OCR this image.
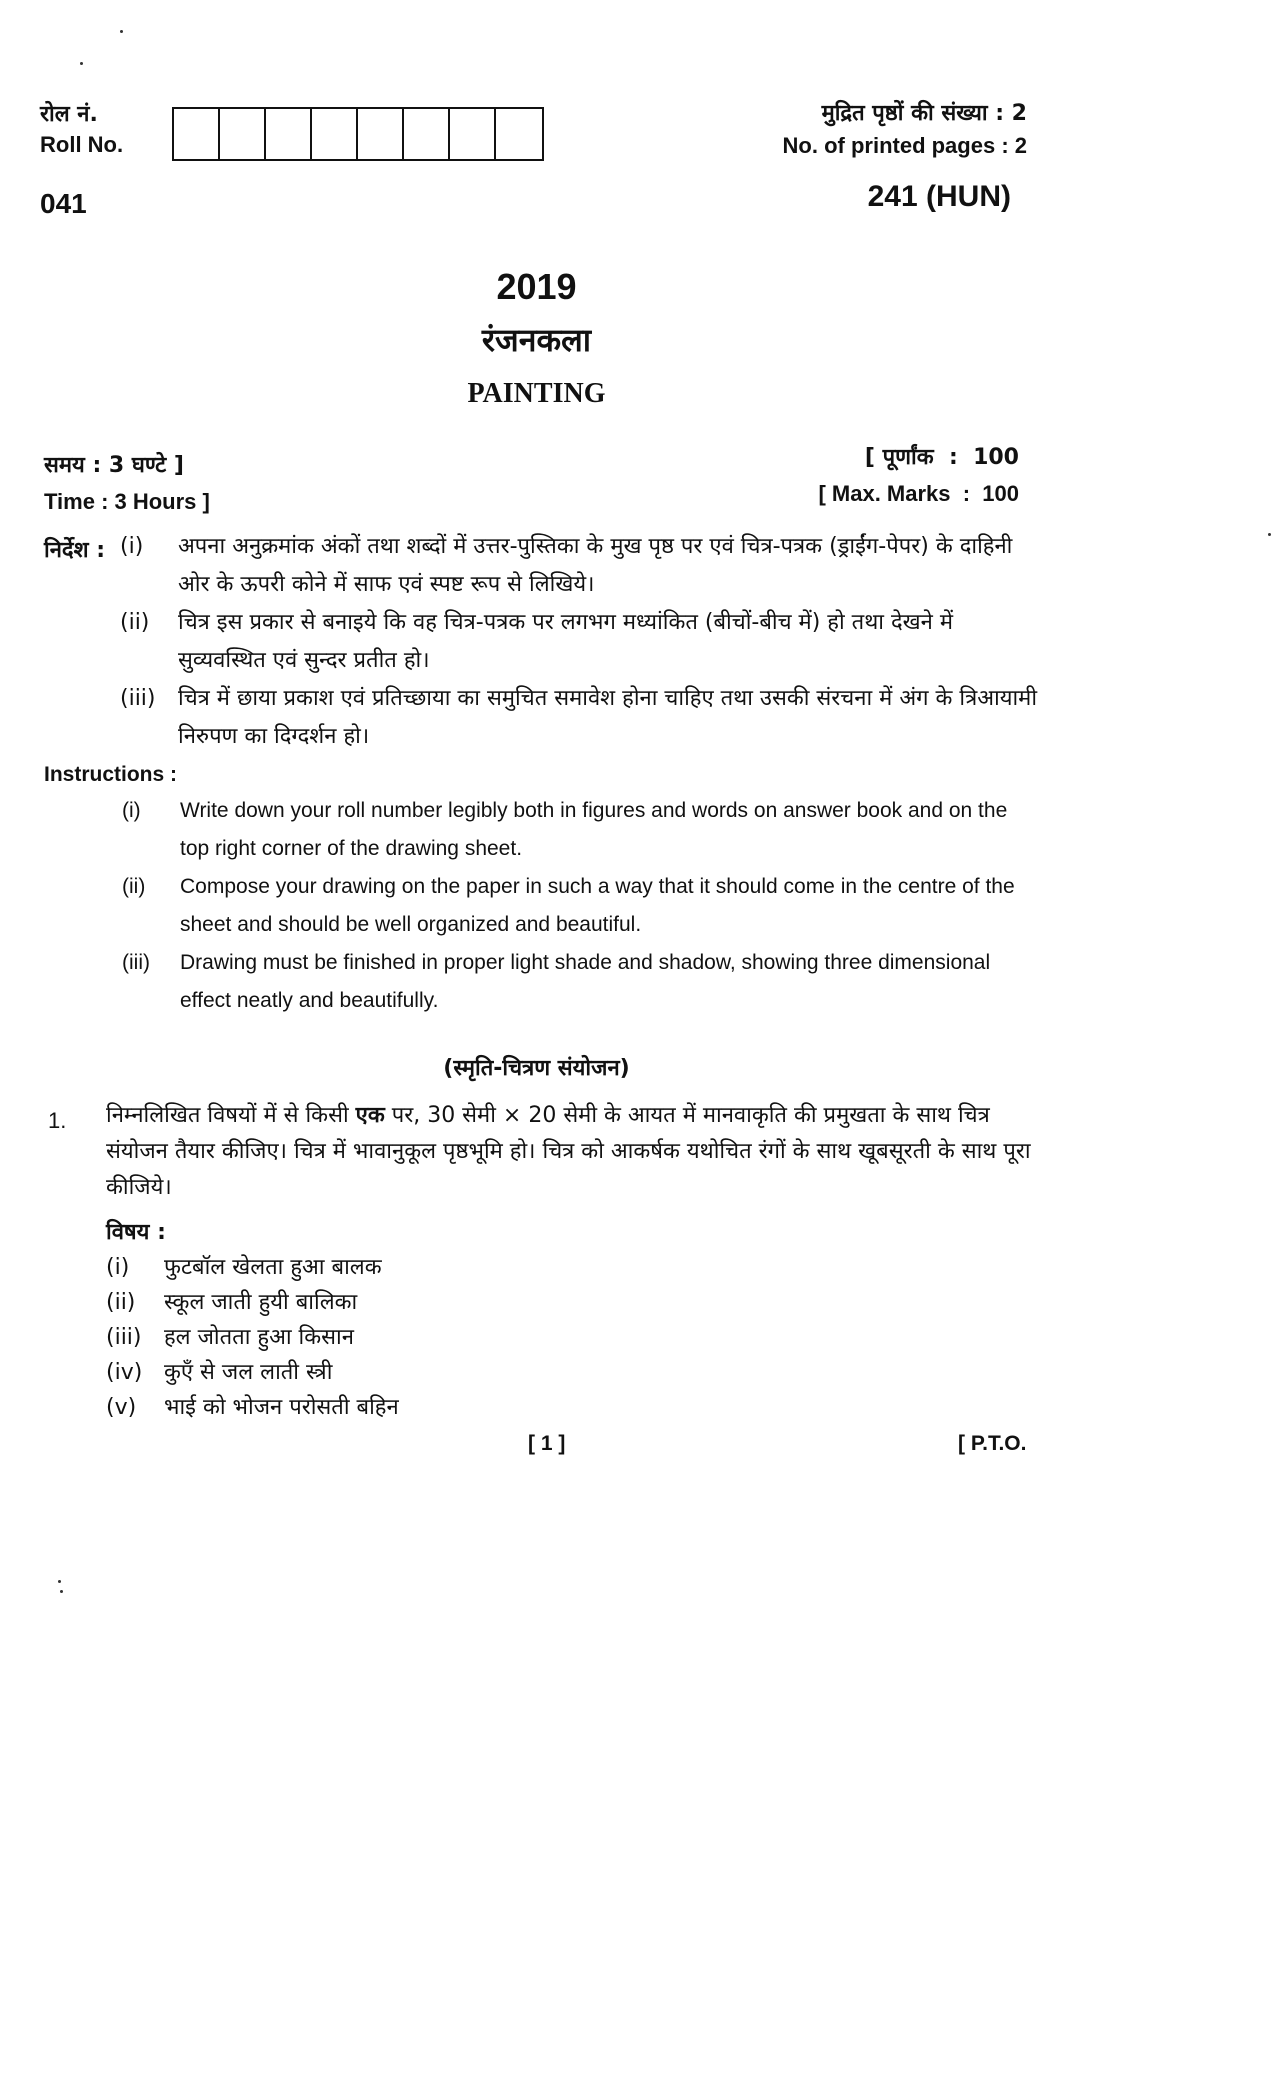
रोल नं.
Roll No.
मुद्रित पृष्ठों की संख्या : 2
No. of printed pages : 2
041	241 (HUN)
2019
रंजनकला
PAINTING
समय : 3 घण्टे ]
Time : 3 Hours ]
[ पूर्णांक  :  100
[ Max. Marks  :  100
निर्देश : (i)	अपना अनुक्रमांक अंकों तथा शब्दों में उत्तर-पुस्तिका के मुख पृष्ठ पर एवं चित्र-पत्रक (ड्राईंग-पेपर) के दाहिनी ओर के ऊपरी कोने में साफ एवं स्पष्ट रूप से लिखिये।
(ii)	चित्र इस प्रकार से बनाइये कि वह चित्र-पत्रक पर लगभग मध्यांकित (बीचों-बीच में) हो तथा देखने में सुव्यवस्थित एवं सुन्दर प्रतीत हो।
(iii)	चित्र में छाया प्रकाश एवं प्रतिच्छाया का समुचित समावेश होना चाहिए तथा उसकी संरचना में अंग के त्रिआयामी निरुपण का दिग्दर्शन हो।
Instructions :
(i)	Write down your roll number legibly both in figures and words on answer book and on the top right corner of the drawing sheet.
(ii)	Compose your drawing on the paper in such a way that it should come in the centre of the sheet and should be well organized and beautiful.
(iii)	Drawing must be finished in proper light shade and shadow, showing three dimensional effect neatly and beautifully.
(स्मृति-चित्रण संयोजन)
1. निम्नलिखित विषयों में से किसी एक पर, 30 सेमी × 20 सेमी के आयत में मानवाकृति की प्रमुखता के साथ चित्र संयोजन तैयार कीजिए। चित्र में भावानुकूल पृष्ठभूमि हो। चित्र को आकर्षक यथोचित रंगों के साथ खूबसूरती के साथ पूरा कीजिये।
विषय :
(i)	फुटबॉल खेलता हुआ बालक
(ii)	स्कूल जाती हुयी बालिका
(iii)	हल जोतता हुआ किसान
(iv) कुएँ से जल लाती स्त्री
(v)	भाई को भोजन परोसती बहिन
[ 1 ]	[ P.T.O.
